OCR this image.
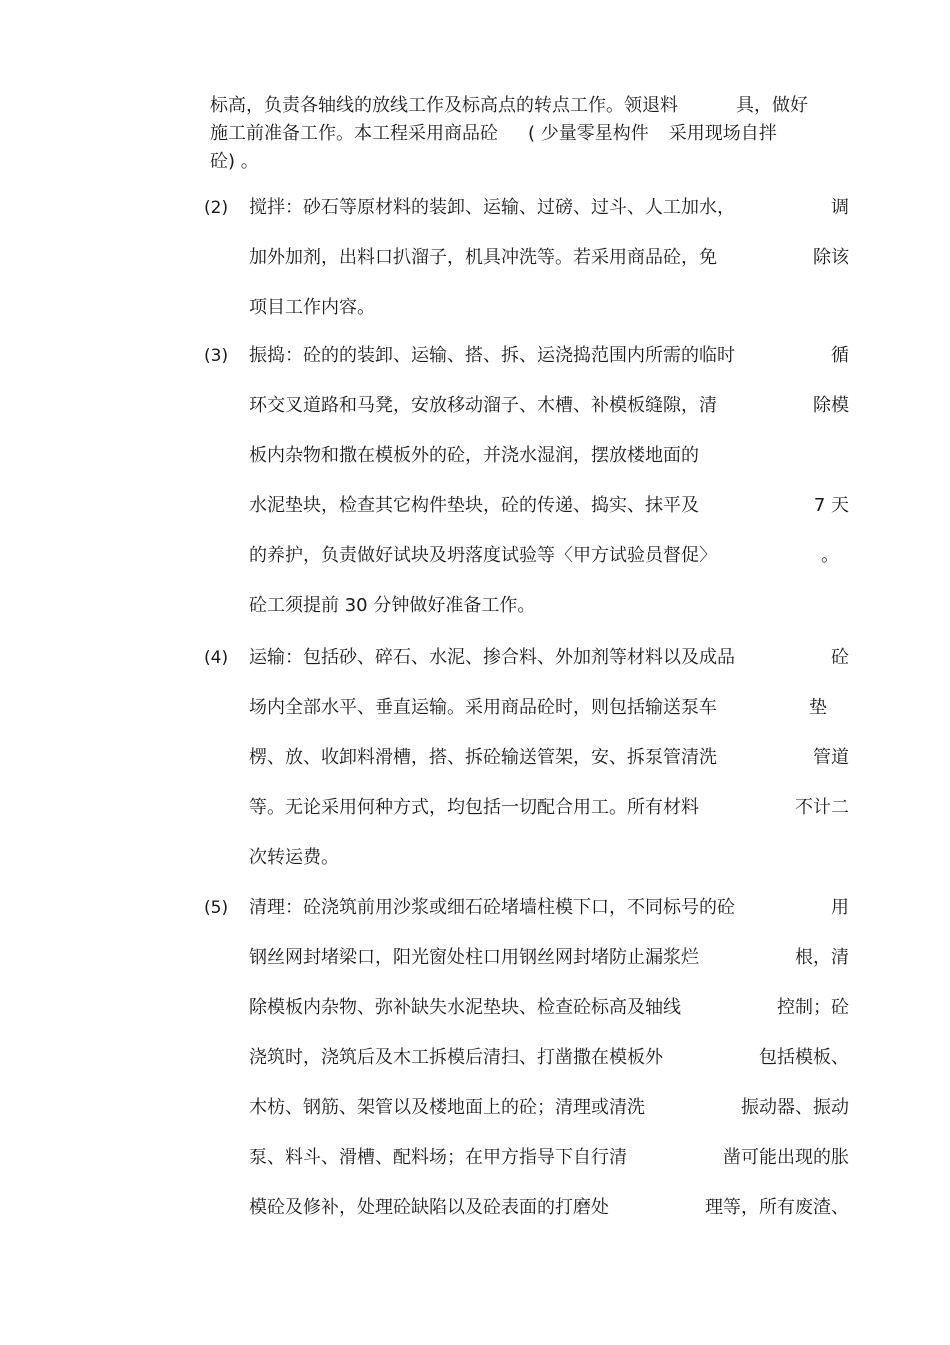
标高，负责各轴线的放线工作及标高点的转点工作。领退料	具，做好
施工前准备工作。本工程采用商品砼 ( 少量零星构件 采用现场自拌
砼) 。
(2)	搅拌：砂石等原材料的装卸、运输、过磅、过斗、人工加水，	调
加外加剂，出料口扒溜子，机具冲洗等。若采用商品砼，免	除该
项目工作内容。
(3)	振捣：砼的的装卸、运输、搭、拆、运浇捣范围内所需的临时	循
环交叉道路和马凳，安放移动溜子、木槽、补模板缝隙，清	除模
板内杂物和撒在模板外的砼，并浇水湿润，摆放楼地面的
水泥垫块，检查其它构件垫块，砼的传递、捣实、抹平及	7 天
的养护，负责做好试块及坍落度试验等〈甲方试验员督促〉	。
砼工须提前 30 分钟做好准备工作。
(4)	运输：包括砂、碎石、水泥、掺合料、外加剂等材料以及成品	砼
场内全部水平、垂直运输。采用商品砼时，则包括输送泵车	垫
楞、放、收卸料滑槽，搭、拆砼输送管架，安、拆泵管清洗	管道
等。无论采用何种方式，均包括一切配合用工。所有材料	不计二
次转运费。
(5)	清理：砼浇筑前用沙浆或细石砼堵墙柱模下口，不同标号的砼	用
钢丝网封堵梁口，阳光窗处柱口用钢丝网封堵防止漏浆烂	根，清
除模板内杂物、弥补缺失水泥垫块、检查砼标高及轴线	控制；砼
浇筑时，浇筑后及木工拆模后清扫、打凿撒在模板外	包括模板、
木枋、钢筋、架管以及楼地面上的砼；清理或清洗	振动器、振动
泵、料斗、滑槽、配料场；在甲方指导下自行清	凿可能出现的胀
模砼及修补，处理砼缺陷以及砼表面的打磨处	理等，所有废渣、
